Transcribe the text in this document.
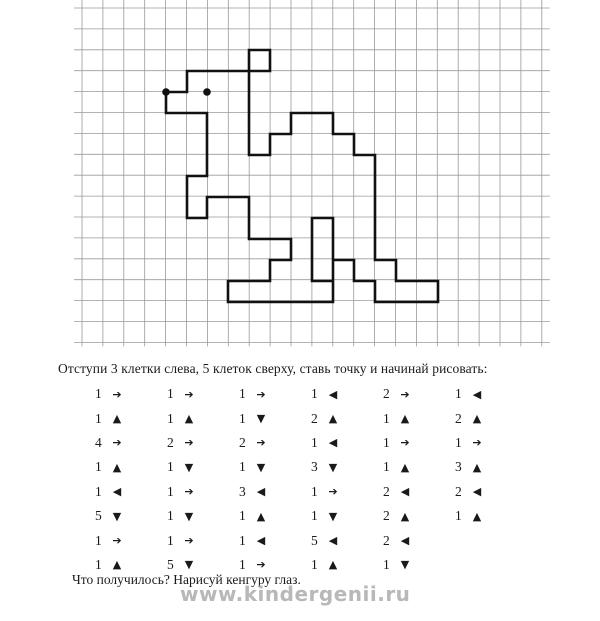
Отступи 3 клетки слева, 5 клеток сверху, ставь точку и начинай рисовать:
1 ➔	1 ➔	1 ➔	1	◀	2 ➔	1	◀
1	▲	1	▲	1	▼	2	▲	1	▲	2	▲
4 ➔	2 ➔	2 ➔	1	◀	1 ➔	1 ➔
1	▲	1	▼	1	▼	3	▼	1	▲	3	▲
1	◀	1 ➔	3	◀	1 ➔	2	◀	2	◀
5	▼	1	▼	1	▲	1	▼	2	▲	1	▲
1 ➔	1 ➔	1	◀	5	◀	2	◀
1	▲	5	▼	1 ➔	1	▲	1	▼
Что получилось? Нарисуй кенгуру глаз.
www.kindergenii.ru
